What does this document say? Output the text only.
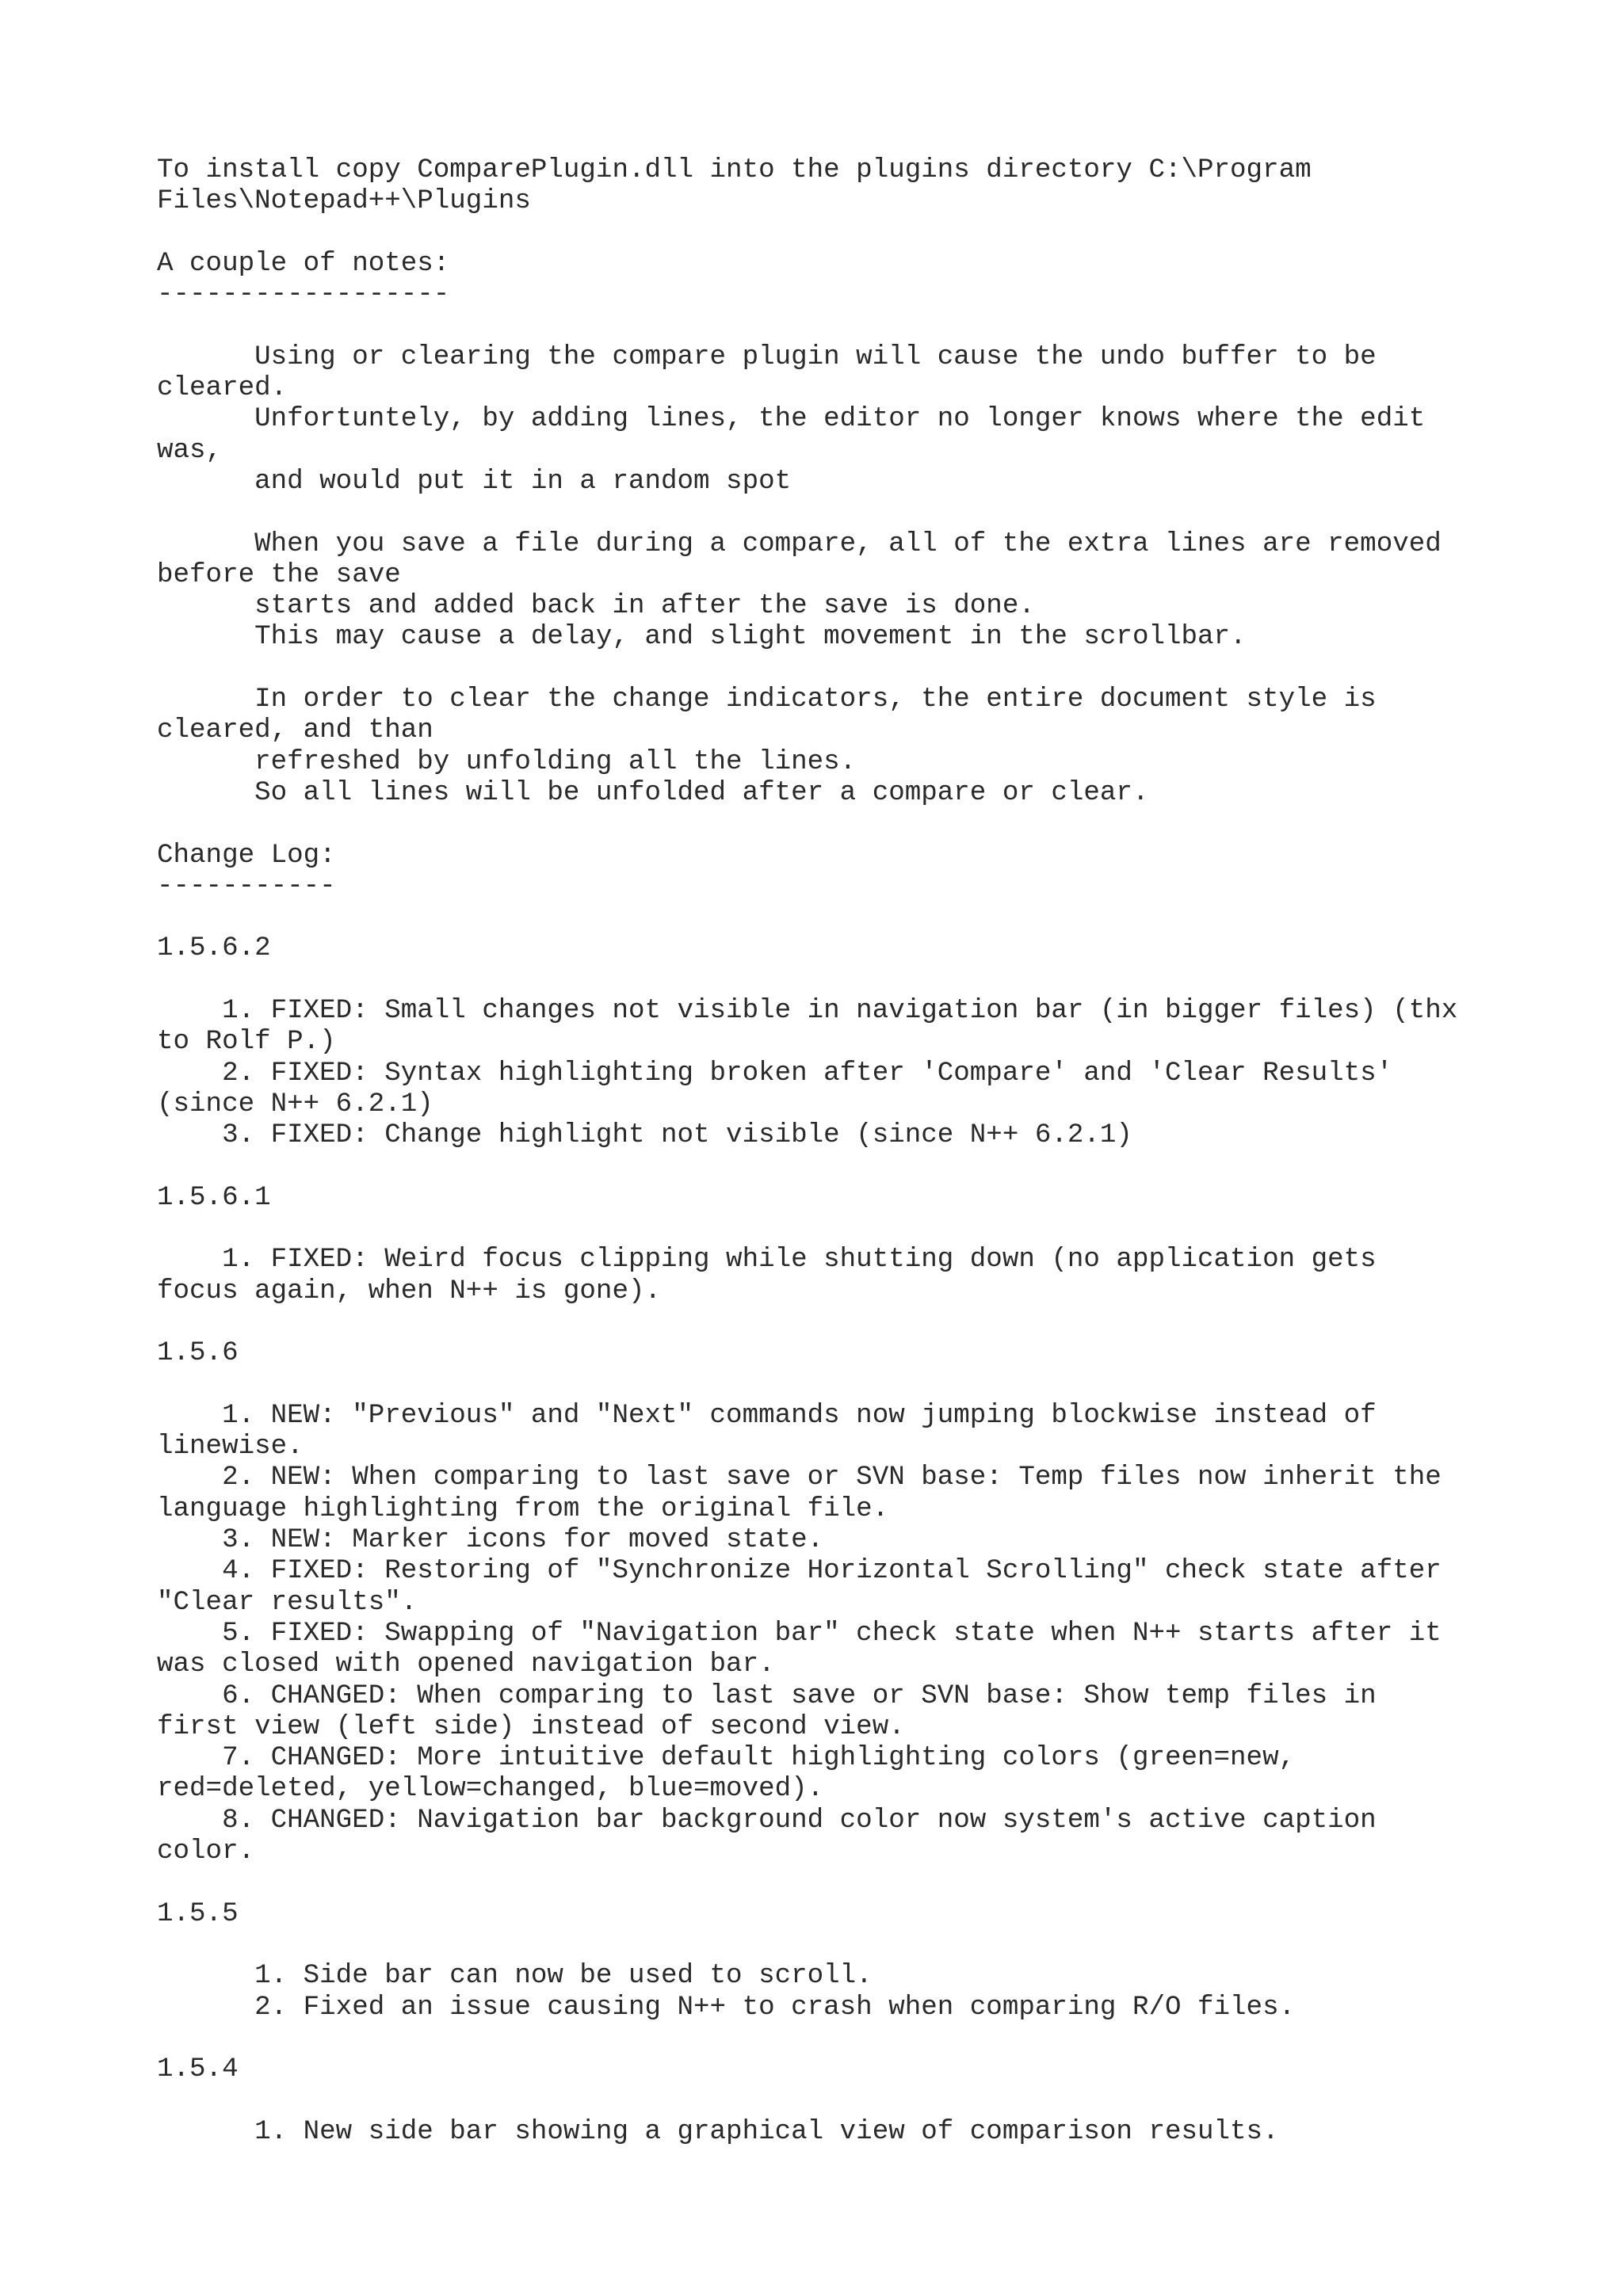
To install copy ComparePlugin.dll into the plugins directory C:\Program
Files\Notepad++\Plugins
A couple of notes:
------------------
Using or clearing the compare plugin will cause the undo buffer to be
cleared.
Unfortuntely, by adding lines, the editor no longer knows where the edit
was,
and would put it in a random spot
When you save a file during a compare, all of the extra lines are removed
before the save
starts and added back in after the save is done.
This may cause a delay, and slight movement in the scrollbar.
In order to clear the change indicators, the entire document style is
cleared, and than
refreshed by unfolding all the lines.
So all lines will be unfolded after a compare or clear.
Change Log:
-----------
1.5.6.2
1. FIXED: Small changes not visible in navigation bar (in bigger files) (thx
to Rolf P.)
2. FIXED: Syntax highlighting broken after 'Compare' and 'Clear Results'
(since N++ 6.2.1)
3. FIXED: Change highlight not visible (since N++ 6.2.1)
1.5.6.1
1. FIXED: Weird focus clipping while shutting down (no application gets
focus again, when N++ is gone).
1.5.6
1. NEW: "Previous" and "Next" commands now jumping blockwise instead of
linewise.
2. NEW: When comparing to last save or SVN base: Temp files now inherit the
language highlighting from the original file.
3. NEW: Marker icons for moved state.
4. FIXED: Restoring of "Synchronize Horizontal Scrolling" check state after
"Clear results".
5. FIXED: Swapping of "Navigation bar" check state when N++ starts after it
was closed with opened navigation bar.
6. CHANGED: When comparing to last save or SVN base: Show temp files in
first view (left side) instead of second view.
7. CHANGED: More intuitive default highlighting colors (green=new,
red=deleted, yellow=changed, blue=moved).
8. CHANGED: Navigation bar background color now system's active caption
color.
1.5.5
1. Side bar can now be used to scroll.
2. Fixed an issue causing N++ to crash when comparing R/O files.
1.5.4
1. New side bar showing a graphical view of comparison results.
